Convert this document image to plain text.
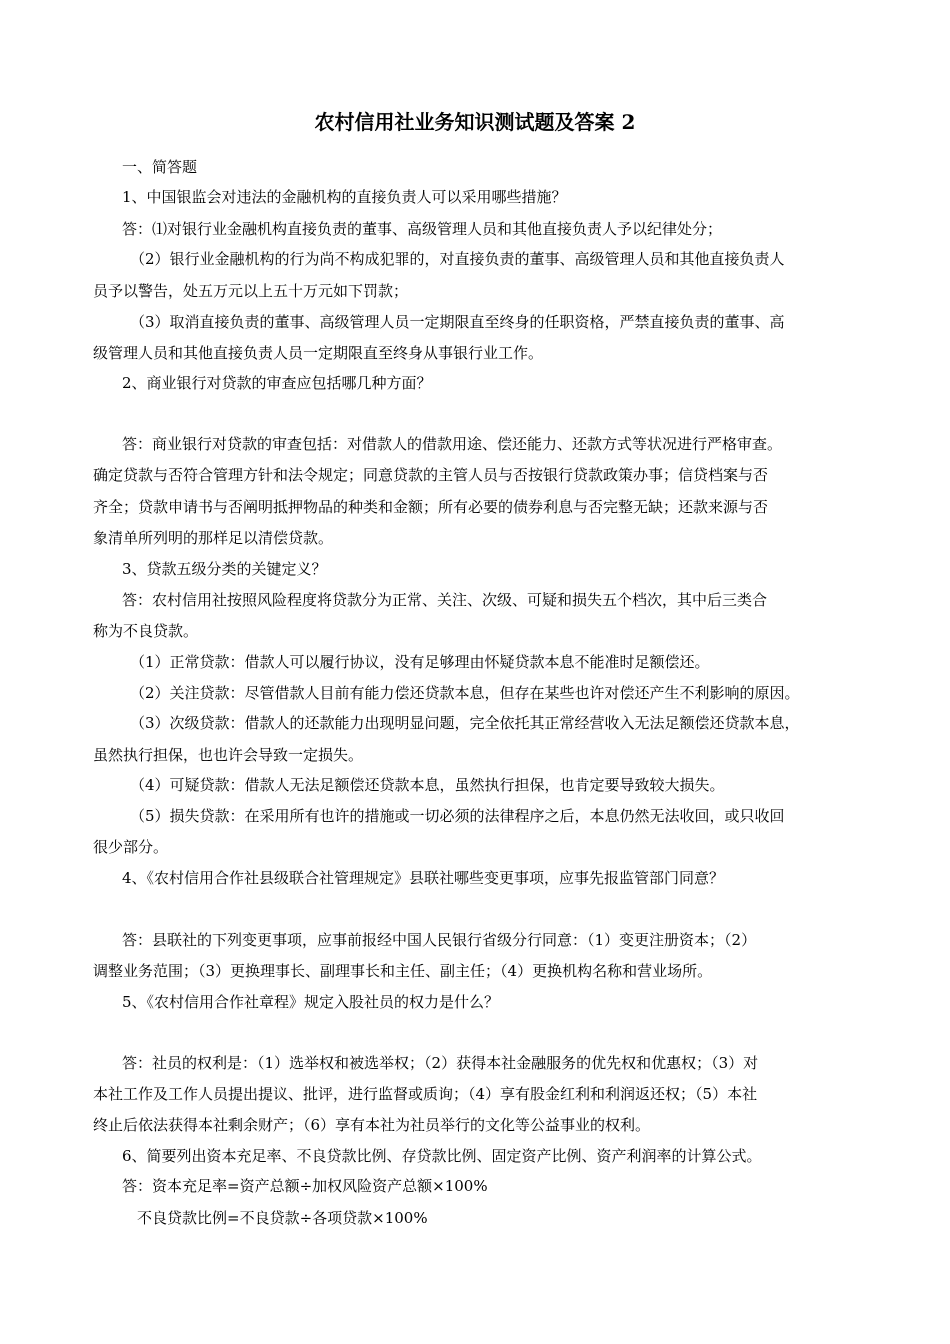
农村信用社业务知识测试题及答案 2
一、简答题
1、中国银监会对违法的金融机构的直接负责人可以采用哪些措施？
答：⑴对银行业金融机构直接负责的董事、高级管理人员和其他直接负责人予以纪律处分；
（2）银行业金融机构的行为尚不构成犯罪的，对直接负责的董事、高级管理人员和其他直接负责人
员予以警告，处五万元以上五十万元如下罚款；
（3）取消直接负责的董事、高级管理人员一定期限直至终身的任职资格，严禁直接负责的董事、高
级管理人员和其他直接负责人员一定期限直至终身从事银行业工作。
2、商业银行对贷款的审查应包括哪几种方面？
答：商业银行对贷款的审查包括：对借款人的借款用途、偿还能力、还款方式等状况进行严格审查。
确定贷款与否符合管理方针和法令规定；同意贷款的主管人员与否按银行贷款政策办事；信贷档案与否
齐全；贷款申请书与否阐明抵押物品的种类和金额；所有必要的债券利息与否完整无缺；还款来源与否
象清单所列明的那样足以清偿贷款。
3、贷款五级分类的关键定义？
答：农村信用社按照风险程度将贷款分为正常、关注、次级、可疑和损失五个档次，其中后三类合
称为不良贷款。
（1）正常贷款：借款人可以履行协议，没有足够理由怀疑贷款本息不能准时足额偿还。
（2）关注贷款：尽管借款人目前有能力偿还贷款本息，但存在某些也许对偿还产生不利影响的原因。
（3）次级贷款：借款人的还款能力出现明显问题，完全依托其正常经营收入无法足额偿还贷款本息，
虽然执行担保，也也许会导致一定损失。
（4）可疑贷款：借款人无法足额偿还贷款本息，虽然执行担保，也肯定要导致较大损失。
（5）损失贷款：在采用所有也许的措施或一切必须的法律程序之后，本息仍然无法收回，或只收回
很少部分。
4、《农村信用合作社县级联合社管理规定》县联社哪些变更事项，应事先报监管部门同意？
答：县联社的下列变更事项，应事前报经中国人民银行省级分行同意：（1）变更注册资本；（2）
调整业务范围；（3）更换理事长、副理事长和主任、副主任；（4）更换机构名称和营业场所。
5、《农村信用合作社章程》规定入股社员的权力是什么？
答：社员的权利是：（1）选举权和被选举权；（2）获得本社金融服务的优先权和优惠权；（3）对
本社工作及工作人员提出提议、批评，进行监督或质询；（4）享有股金红利和利润返还权；（5）本社
终止后依法获得本社剩余财产；（6）享有本社为社员举行的文化等公益事业的权利。
6、简要列出资本充足率、不良贷款比例、存贷款比例、固定资产比例、资产利润率的计算公式。
答：资本充足率=资产总额÷加权风险资产总额×100%
不良贷款比例=不良贷款÷各项贷款×100%
